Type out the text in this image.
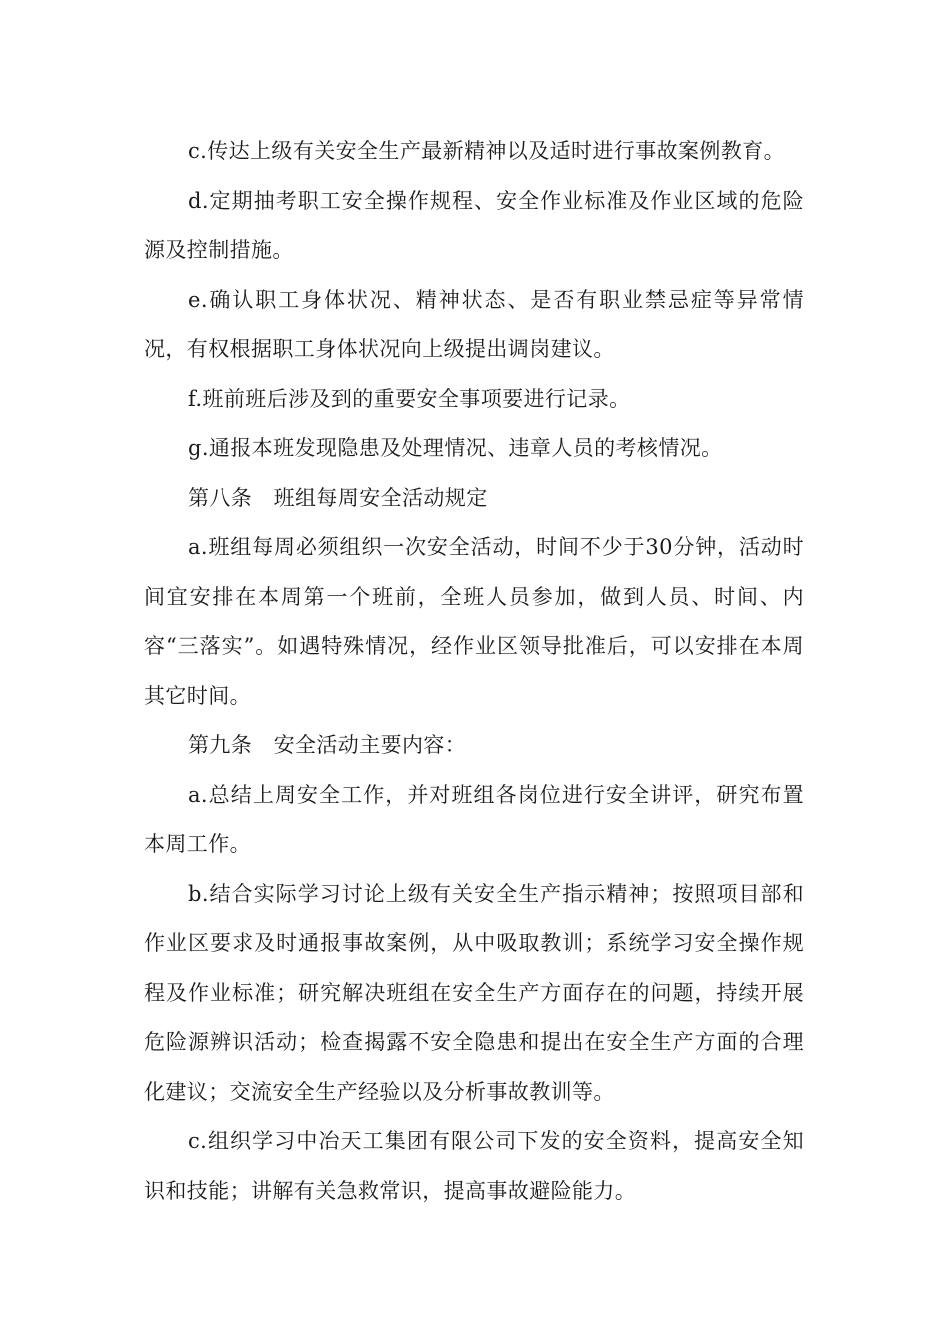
c.传达上级有关安全生产最新精神以及适时进行事故案例教育。

d.定期抽考职工安全操作规程、安全作业标准及作业区域的危险源及控制措施。

e.确认职工身体状况、精神状态、是否有职业禁忌症等异常情况，有权根据职工身体状况向上级提出调岗建议。

f.班前班后涉及到的重要安全事项要进行记录。

g.通报本班发现隐患及处理情况、违章人员的考核情况。

第八条　班组每周安全活动规定

a.班组每周必须组织一次安全活动，时间不少于30分钟，活动时间宜安排在本周第一个班前，全班人员参加，做到人员、时间、内容“三落实”。如遇特殊情况，经作业区领导批准后，可以安排在本周其它时间。

第九条　安全活动主要内容：

a.总结上周安全工作，并对班组各岗位进行安全讲评，研究布置本周工作。

b.结合实际学习讨论上级有关安全生产指示精神；按照项目部和作业区要求及时通报事故案例，从中吸取教训；系统学习安全操作规程及作业标准；研究解决班组在安全生产方面存在的问题，持续开展危险源辨识活动；检查揭露不安全隐患和提出在安全生产方面的合理化建议；交流安全生产经验以及分析事故教训等。

c.组织学习中冶天工集团有限公司下发的安全资料，提高安全知识和技能；讲解有关急救常识，提高事故避险能力。
